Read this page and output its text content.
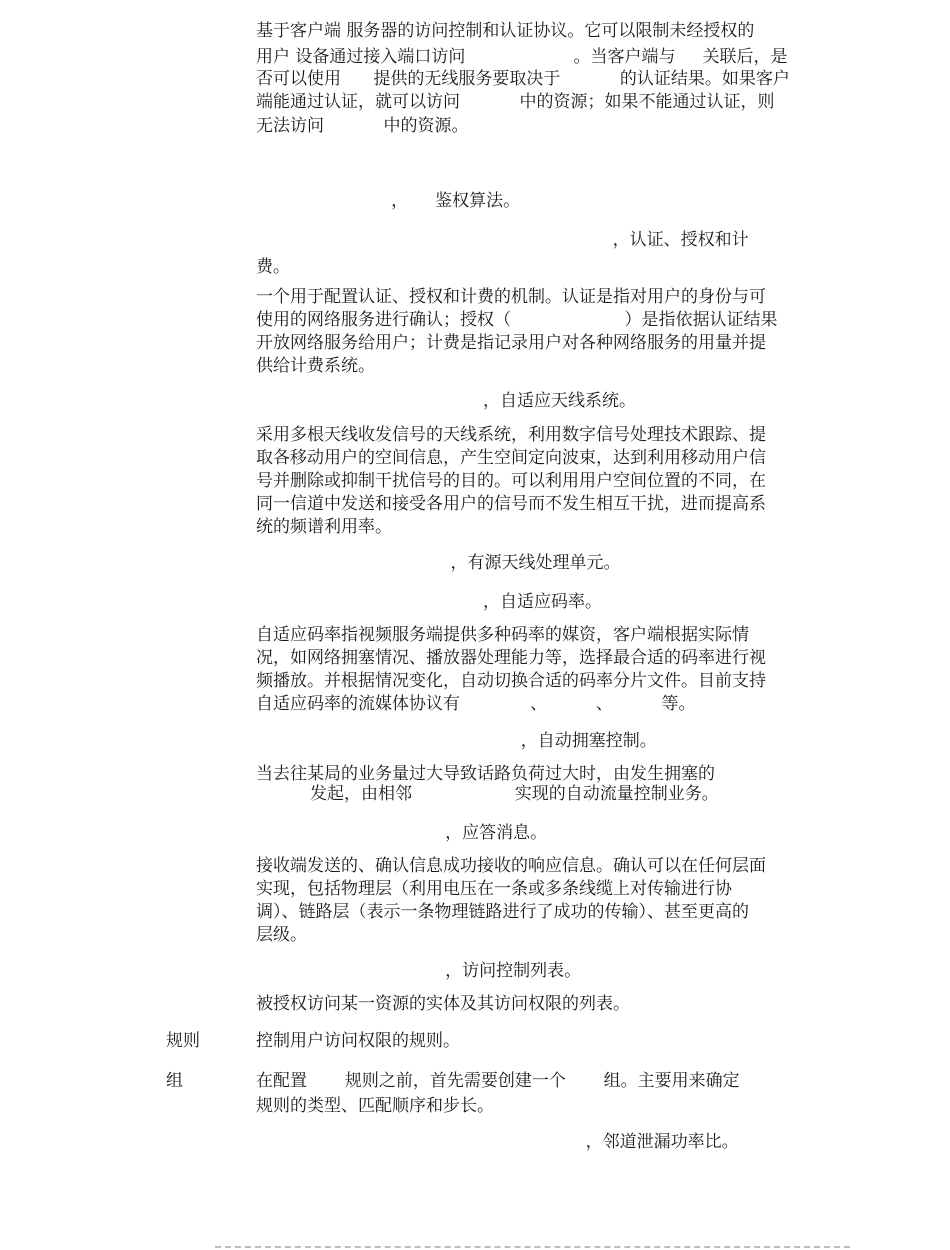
基于客户端 服务器的访问控制和认证协议。它可以限制未经授权的
用户 设备通过接入端口访问                    。当客户端与     关联后，是
否可以使用      提供的无线服务要取决于           的认证结果。如果客户
端能通过认证，就可以访问           中的资源；如果不能通过认证，则
无法访问           中的资源。
，     鉴权算法。
，认证、授权和计
费。
一个用于配置认证、授权和计费的机制。认证是指对用户的身份与可
使用的网络服务进行确认；授权（                     ）是指依据认证结果
开放网络服务给用户；计费是指记录用户对各种网络服务的用量并提
供给计费系统。
，自适应天线系统。
采用多根天线收发信号的天线系统，利用数字信号处理技术跟踪、提
取各移动用户的空间信息，产生空间定向波束，达到利用移动用户信
号并删除或抑制干扰信号的目的。可以利用用户空间位置的不同，在
同一信道中发送和接受各用户的信号而不发生相互干扰，进而提高系
统的频谱利用率。
，有源天线处理单元。
，自适应码率。
自适应码率指视频服务端提供多种码率的媒资，客户端根据实际情
况，如网络拥塞情况、播放器处理能力等，选择最合适的码率进行视
频播放。并根据情况变化，自动切换合适的码率分片文件。目前支持
自适应码率的流媒体协议有             、         、         等。
，自动拥塞控制。
当去往某局的业务量过大导致话路负荷过大时，由发生拥塞的
发起，由相邻                   实现的自动流量控制业务。
，应答消息。
接收端发送的、确认信息成功接收的响应信息。确认可以在任何层面
实现，包括物理层（利用电压在一条或多条线缆上对传输进行协
调）、链路层（表示一条物理链路进行了成功的传输）、甚至更高的
层级。
，访问控制列表。
被授权访问某一资源的实体及其访问权限的列表。
规则	控制用户访问权限的规则。
组	在配置       规则之前，首先需要创建一个       组。主要用来确定
规则的类型、匹配顺序和步长。
，邻道泄漏功率比。
